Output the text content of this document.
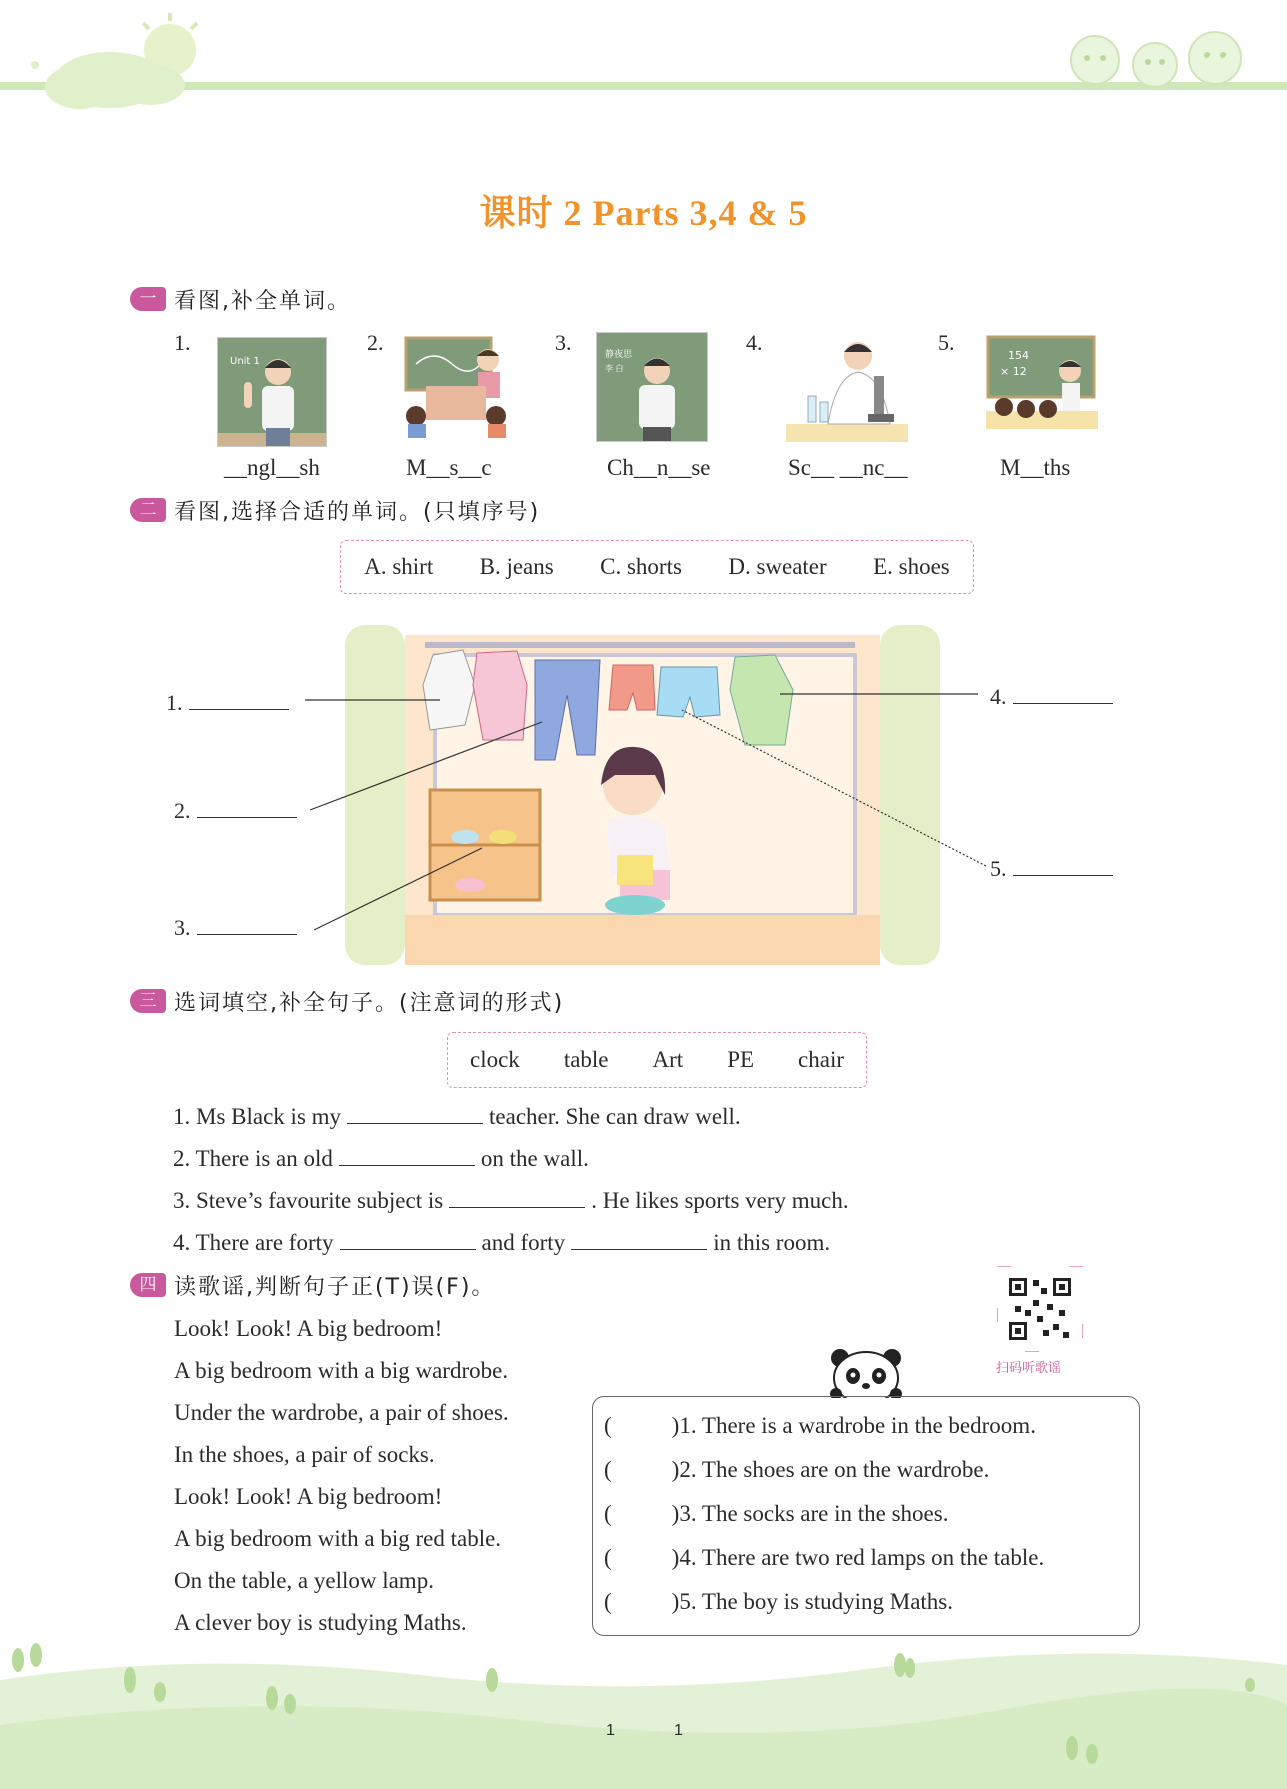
课时 2 Parts 3,4 & 5
一 看图,补全单词。
1.
Unit 1
__ngl__sh
2.
M__s__c
3.	静夜思
李 白
Ch__n__se
4.
Sc__ __nc__
5.
154
× 12
M__ths
二 看图,选择合适的单词。(只填序号)
A. shirt B. jeans C. shorts D. sweater E. shoes
1.
2.
3.
4.
5.
三 选词填空,补全句子。(注意词的形式)
clock table Art PE chair
1. Ms Black is my	teacher. She can draw well.
2. There is an old	on the wall.
3. Steve’s favourite subject is	. He likes sports very much.
4. There are forty	and forty	in this room.
四 读歌谣,判断句子正(T)误(F)。
扫码听歌谣
Look! Look! A big bedroom!
A big bedroom with a big wardrobe.
Under the wardrobe, a pair of shoes.
In the shoes, a pair of socks.
Look! Look! A big bedroom!
A big bedroom with a big red table.
On the table, a yellow lamp.
A clever boy is studying Maths.
(	)1. There is a wardrobe in the bedroom.
(	)2. The shoes are on the wardrobe.
(	)3. The socks are in the shoes.
(	)4. There are two red lamps on the table.
(	)5. The boy is studying Maths.
1	1
